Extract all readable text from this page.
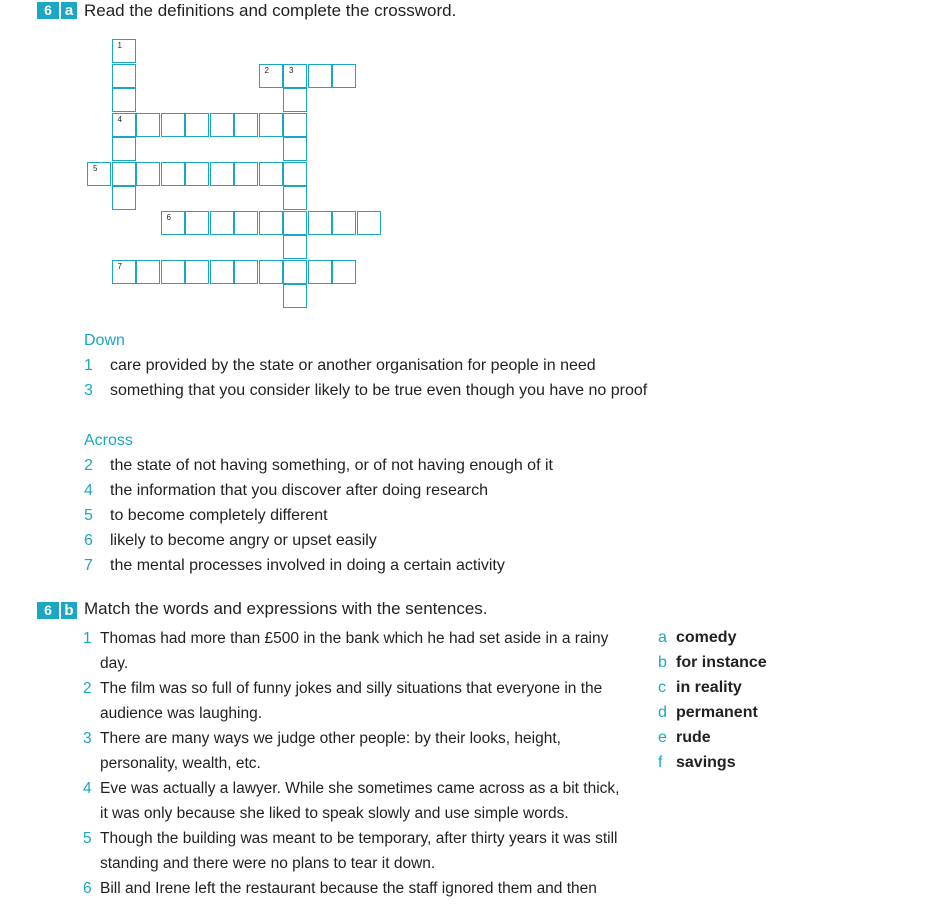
6 a Read the definitions and complete the crossword.
1
4
2	3
5
6
7
Down
1 care provided by the state or another organisation for people in need
3 something that you consider likely to be true even though you have no proof
Across
2 the state of not having something, or of not having enough of it
4 the information that you discover after doing research
5 to become completely different
6 likely to become angry or upset easily
7 the mental processes involved in doing a certain activity
6 b Match the words and expressions with the sentences.
1 Thomas had more than £500 in the bank which he had set aside in a rainy day.
2 The film was so full of funny jokes and silly situations that everyone in the audience was laughing.
3 There are many ways we judge other people: by their looks, height, personality, wealth, etc.
4 Eve was actually a lawyer. While she sometimes came across as a bit thick, it was only because she liked to speak slowly and use simple words.
5 Though the building was meant to be temporary, after thirty years it was still standing and there were no plans to tear it down.
6 Bill and Irene left the restaurant because the staff ignored them and then
a comedy
b for instance
c in reality
d permanent
e rude
f savings
